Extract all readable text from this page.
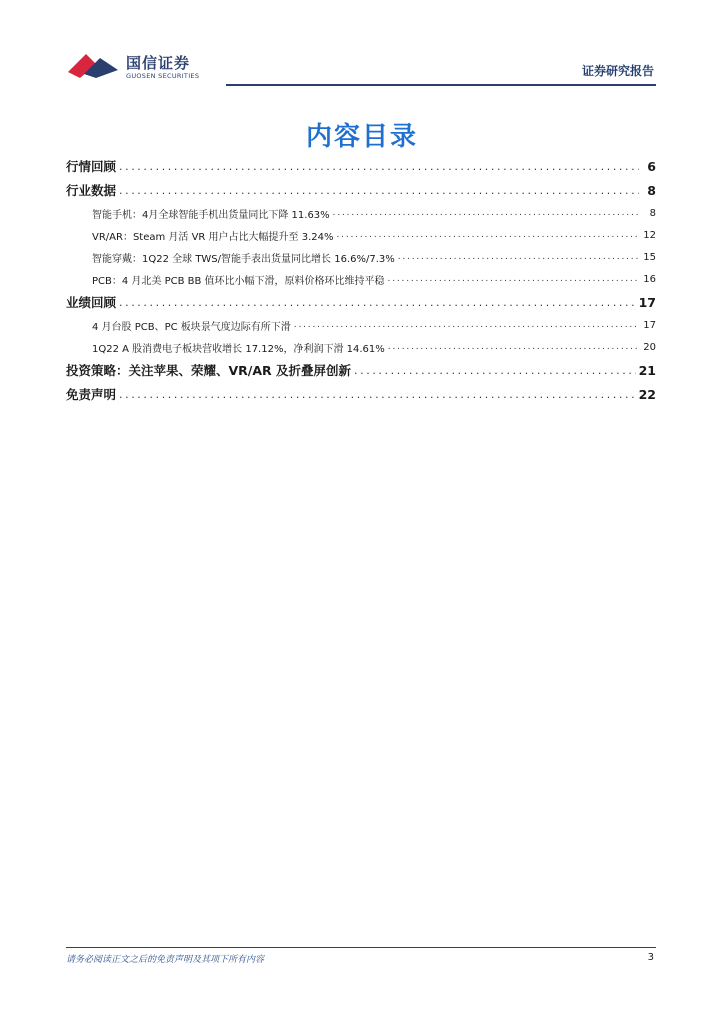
国信证券
GUOSEN SECURITIES	证券研究报告
内容目录
行情回顾 .....	6
行业数据 .....	8
智能手机：4月全球智能手机出货量同比下降 11.63% .....	8
VR/AR：Steam 月活 VR 用户占比大幅提升至 3.24% .....	12
智能穿戴：1Q22 全球 TWS/智能手表出货量同比增长 16.6%/7.3% .....	15
PCB：4 月北美 PCB BB 值环比小幅下滑，原料价格环比维持平稳 .....	16
业绩回顾 .....	17
4 月台股 PCB、PC 板块景气度边际有所下滑 .....	17
1Q22 A 股消费电子板块营收增长 17.12%，净利润下滑 14.61% .....	20
投资策略：关注苹果、荣耀、VR/AR 及折叠屏创新 .....	21
免责声明 .....	22
请务必阅读正文之后的免责声明及其项下所有内容	3
